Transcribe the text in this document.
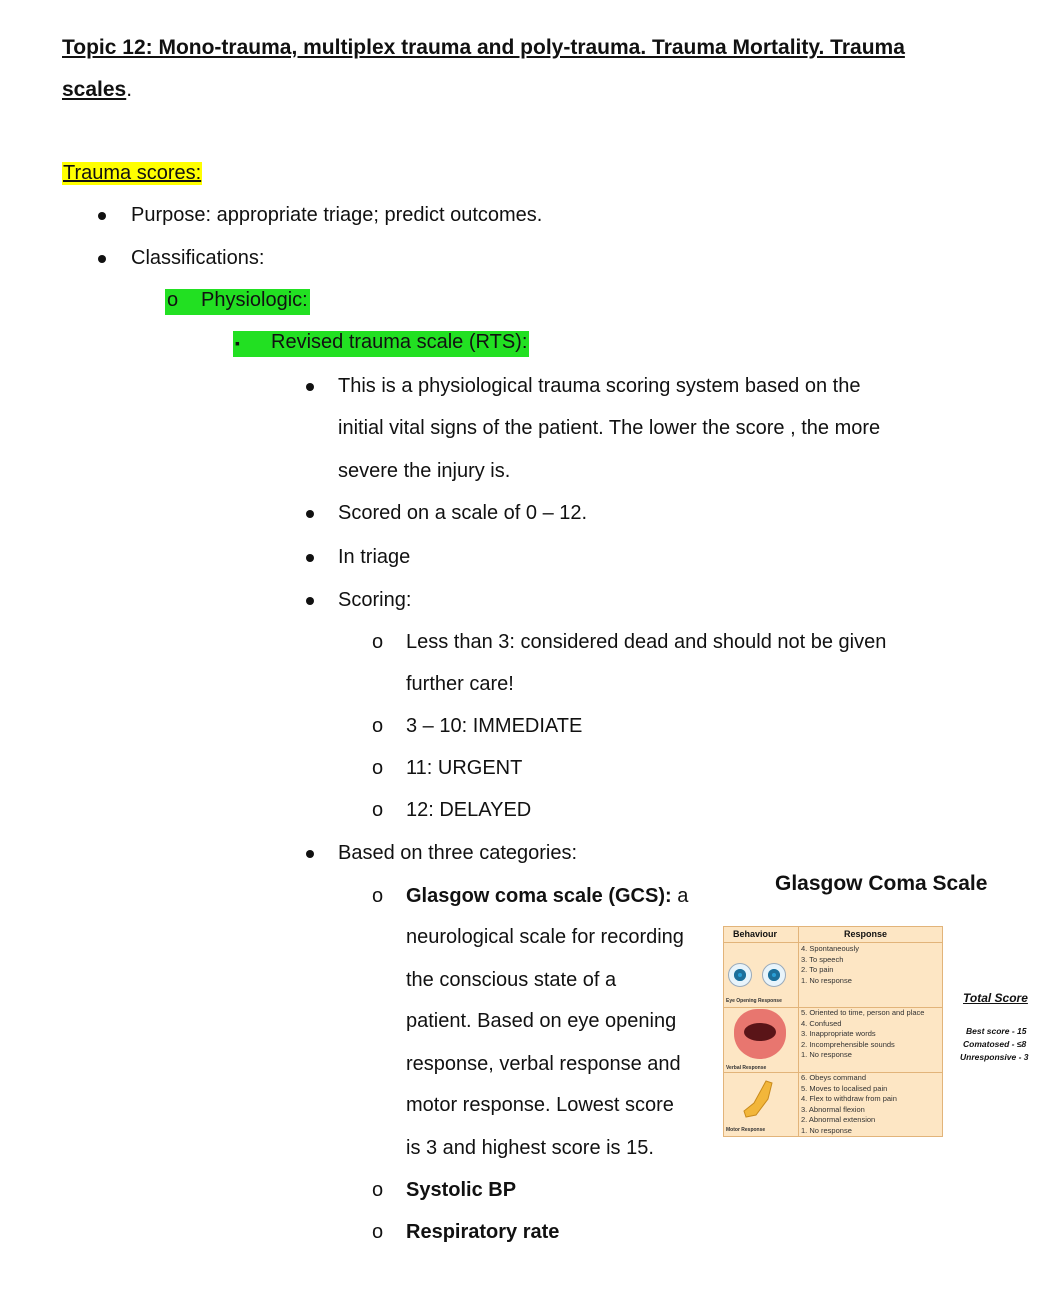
Topic 12: Mono-trauma, multiplex trauma and poly-trauma. Trauma Mortality. Trauma
scales.
Trauma scores:
Purpose: appropriate triage; predict outcomes.
Classifications:
o Physiologic:
▪ Revised trauma scale (RTS):
This is a physiological trauma scoring system based on the
initial vital signs of the patient. The lower the score , the more
severe the injury is.
Scored on a scale of 0 – 12.
In triage
Scoring:
o Less than 3: considered dead and should not be given
further care!
o 3 – 10: IMMEDIATE
o 11: URGENT
o 12: DELAYED
Based on three categories:
o Glasgow coma scale (GCS): a
neurological scale for recording
the conscious state of a
patient. Based on eye opening
response, verbal response and
motor response. Lowest score
is 3 and highest score is 15.
o Systolic BP
o Respiratory rate
Glasgow Coma Scale
Behaviour	Response
Eye Opening Response
4. Spontaneously
3. To speech
2. To pain
1. No response
Verbal Response
5. Oriented to time, person and place
4. Confused
3. Inappropriate words
2. Incomprehensible sounds
1. No response
Motor Response
6. Obeys command
5. Moves to localised pain
4. Flex to withdraw from pain
3. Abnormal flexion
2. Abnormal extension
1. No response
Total Score
Best score - 15
Comatosed - ≤8
Unresponsive - 3
